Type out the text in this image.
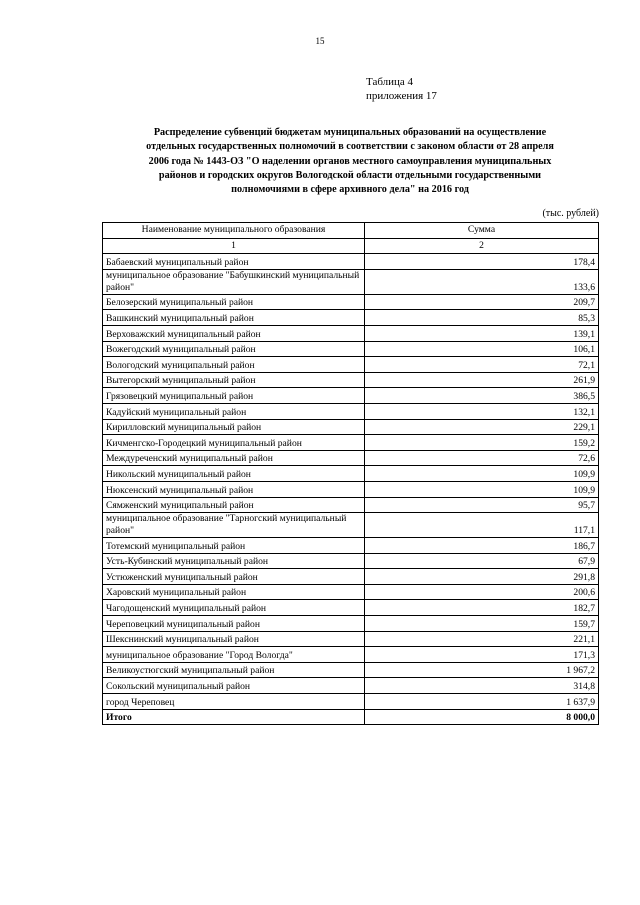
15
Таблица 4
приложения 17
Распределение субвенций бюджетам муниципальных образований на осуществление
отдельных государственных полномочий в соответствии с законом области от 28 апреля
2006 года № 1443-ОЗ "О наделении органов местного самоуправления муниципальных
районов и городских округов Вологодской области отдельными государственными
полномочиями в сфере архивного дела" на 2016 год
(тыс. рублей)
Наименование муниципального образования	Сумма
1	2

Бабаевский муниципальный район	178,4

муниципальное образование "Бабушкинский муниципальный район"	133,6

Белозерский муниципальный район	209,7

Вашкинский муниципальный район	85,3

Верховажский муниципальный район	139,1

Вожегодский муниципальный район	106,1

Вологодский муниципальный район	72,1

Вытегорский муниципальный район	261,9

Грязовецкий муниципальный район	386,5

Кадуйский муниципальный район	132,1

Кирилловский муниципальный район	229,1

Кичменгско-Городецкий муниципальный район	159,2

Междуреченский муниципальный район	72,6

Никольский муниципальный район	109,9

Нюксенский муниципальный район	109,9

Сямженский муниципальный район	95,7

муниципальное образование "Тарногский муниципальный район"	117,1

Тотемский муниципальный район	186,7

Усть-Кубинский муниципальный район	67,9

Устюженский муниципальный район	291,8

Харовский муниципальный район	200,6

Чагодощенский муниципальный район	182,7

Череповецкий муниципальный район	159,7

Шекснинский муниципальный район	221,1

муниципальное образование "Город Вологда"	171,3

Великоустюгский муниципальный район	1 967,2

Сокольский муниципальный район	314,8

город Череповец	1 637,9
Итого	8 000,0
